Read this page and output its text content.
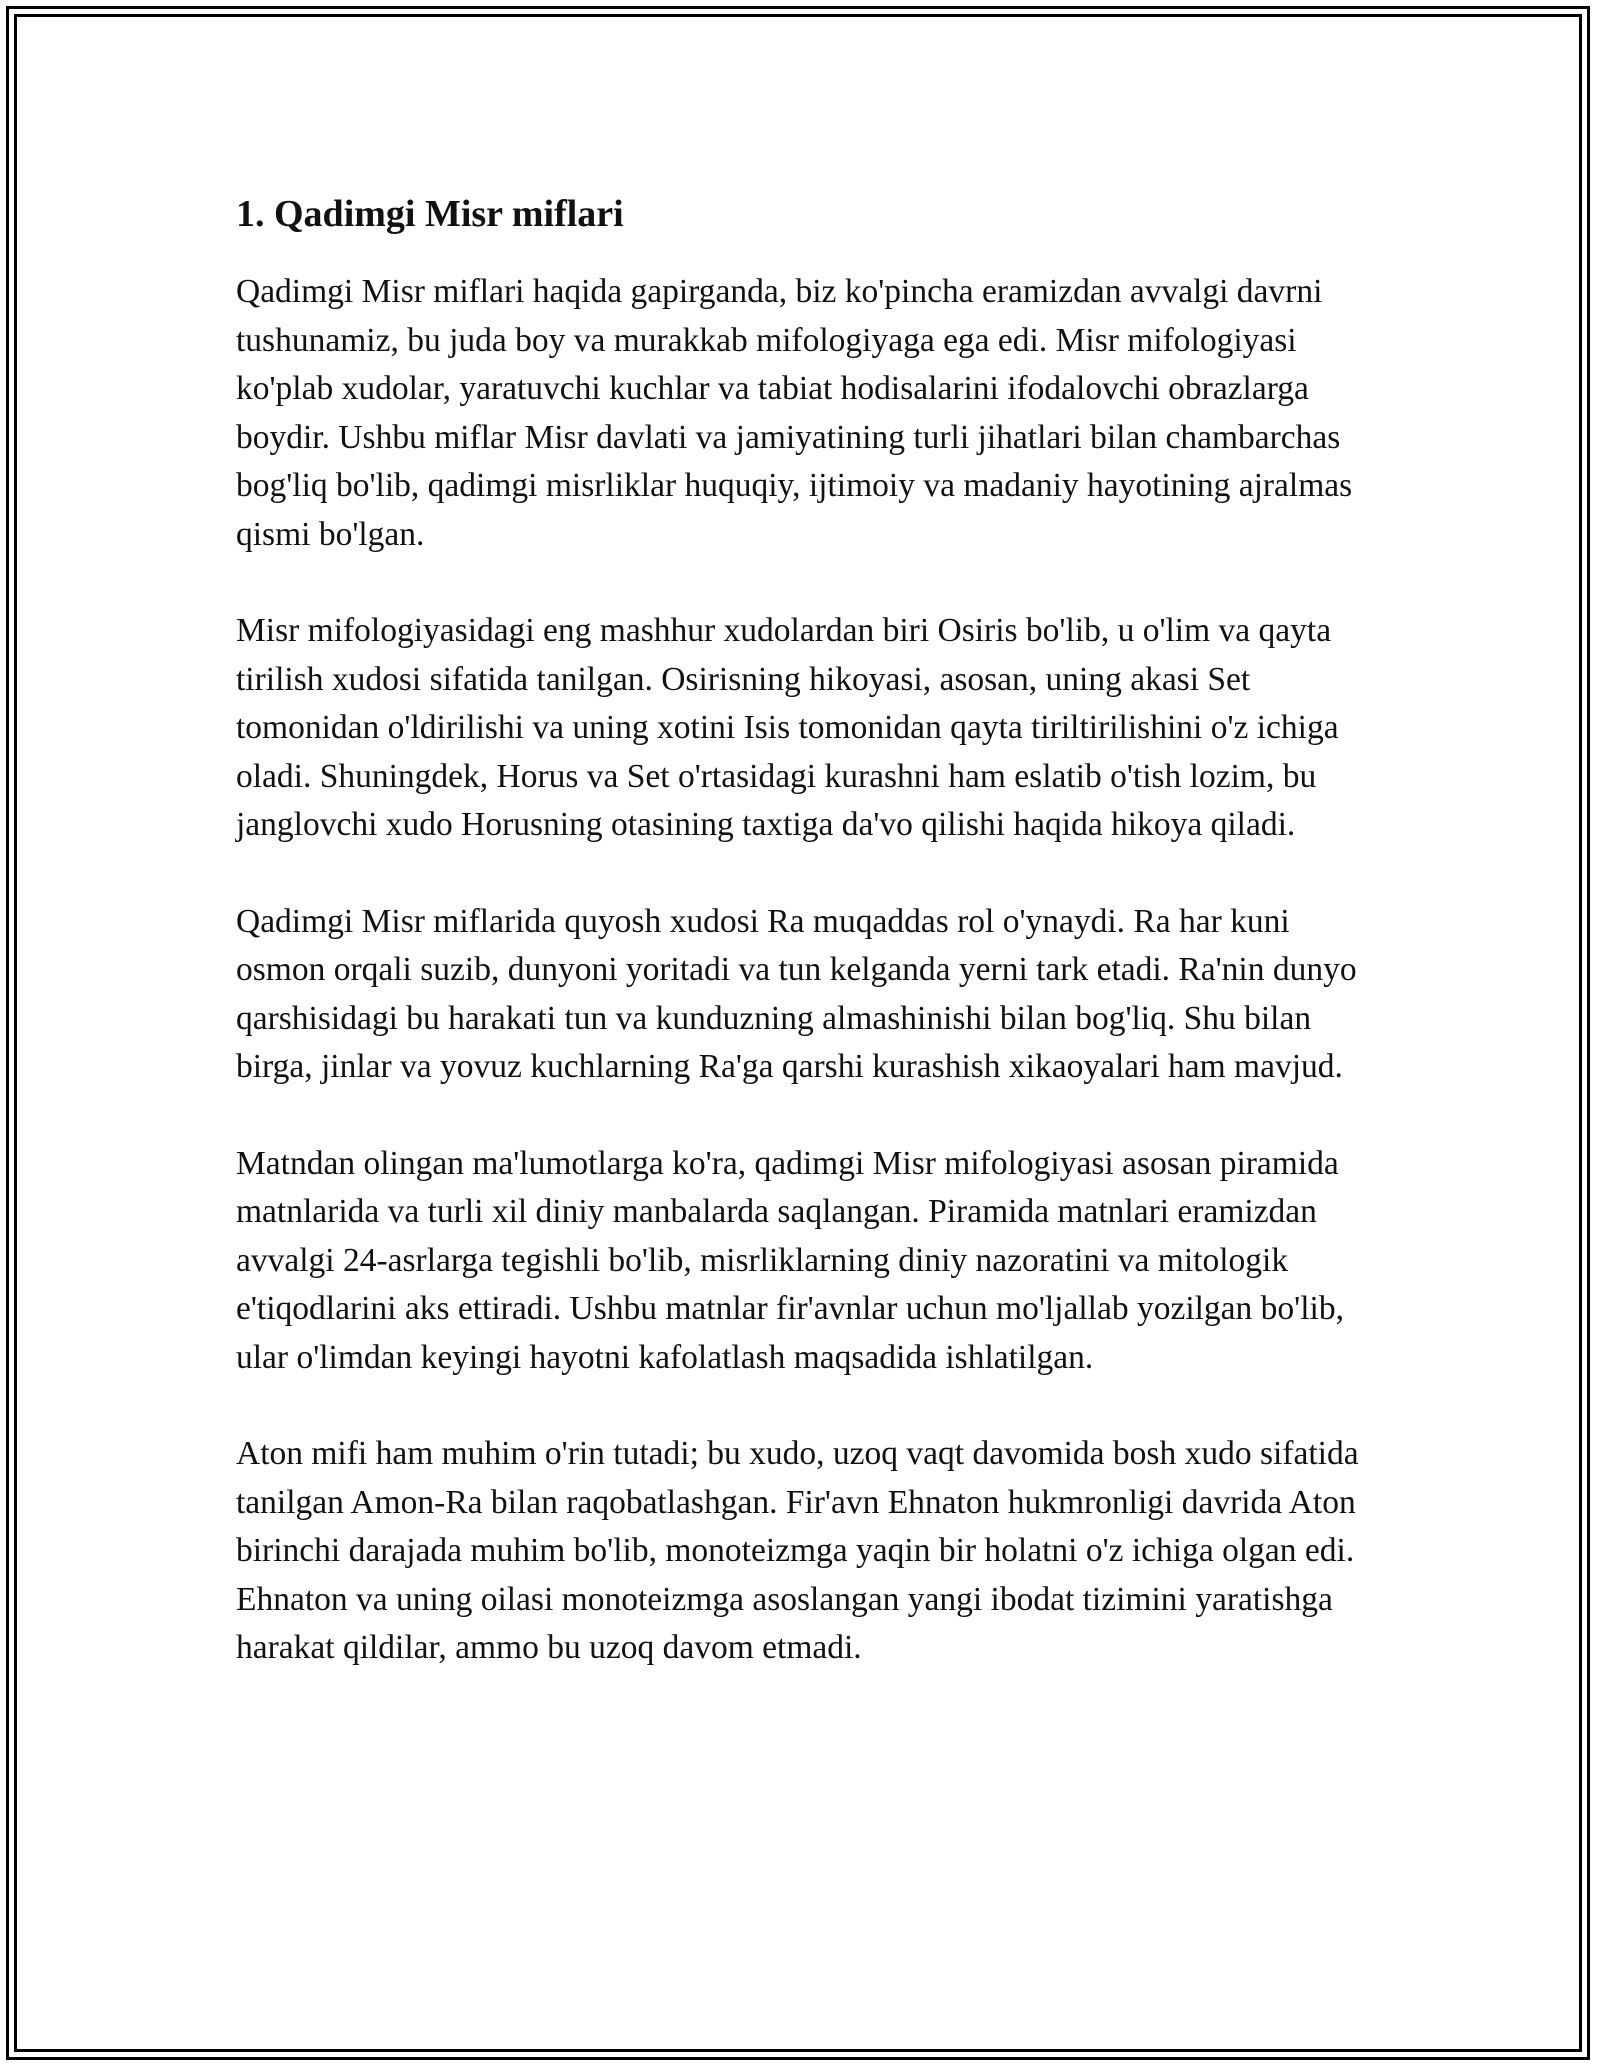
1. Qadimgi Misr miflari

Qadimgi Misr miflari haqida gapirganda, biz ko'pincha eramizdan avvalgi davrni tushunamiz, bu juda boy va murakkab mifologiyaga ega edi. Misr mifologiyasi ko'plab xudolar, yaratuvchi kuchlar va tabiat hodisalarini ifodalovchi obrazlarga boydir. Ushbu miflar Misr davlati va jamiyatining turli jihatlari bilan chambarchas bog'liq bo'lib, qadimgi misrliklar huquqiy, ijtimoiy va madaniy hayotining ajralmas qismi bo'lgan.

Misr mifologiyasidagi eng mashhur xudolardan biri Osiris bo'lib, u o'lim va qayta tirilish xudosi sifatida tanilgan. Osirisning hikoyasi, asosan, uning akasi Set tomonidan o'ldirilishi va uning xotini Isis tomonidan qayta tiriltirilishini o'z ichiga oladi. Shuningdek, Horus va Set o'rtasidagi kurashni ham eslatib o'tish lozim, bu janglovchi xudo Horusning otasining taxtiga da'vo qilishi haqida hikoya qiladi.

Qadimgi Misr miflarida quyosh xudosi Ra muqaddas rol o'ynaydi. Ra har kuni osmon orqali suzib, dunyoni yoritadi va tun kelganda yerni tark etadi. Ra'nin dunyo qarshisidagi bu harakati tun va kunduzning almashinishi bilan bog'liq. Shu bilan birga, jinlar va yovuz kuchlarning Ra'ga qarshi kurashish xikaoyalari ham mavjud.

Matndan olingan ma'lumotlarga ko'ra, qadimgi Misr mifologiyasi asosan piramida matnlarida va turli xil diniy manbalarda saqlangan. Piramida matnlari eramizdan avvalgi 24-asrlarga tegishli bo'lib, misrliklarning diniy nazoratini va mitologik e'tiqodlarini aks ettiradi. Ushbu matnlar fir'avnlar uchun mo'ljallab yozilgan bo'lib, ular o'limdan keyingi hayotni kafolatlash maqsadida ishlatilgan.

Aton mifi ham muhim o'rin tutadi; bu xudo, uzoq vaqt davomida bosh xudo sifatida tanilgan Amon-Ra bilan raqobatlashgan. Fir'avn Ehnaton hukmronligi davrida Aton birinchi darajada muhim bo'lib, monoteizmga yaqin bir holatni o'z ichiga olgan edi. Ehnaton va uning oilasi monoteizmga asoslangan yangi ibodat tizimini yaratishga harakat qildilar, ammo bu uzoq davom etmadi.
